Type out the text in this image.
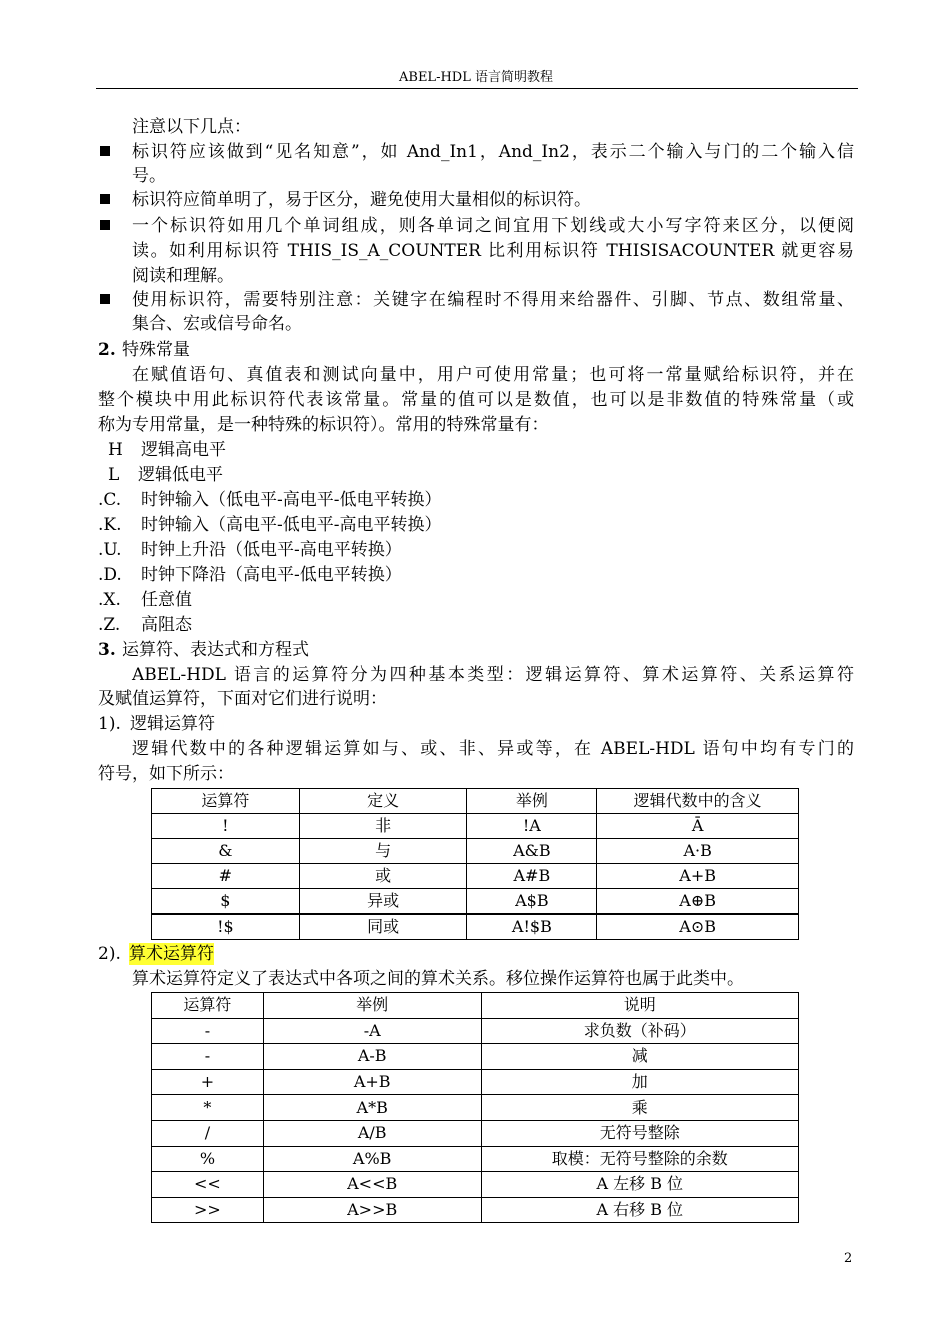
ABEL-HDL 语言简明教程
注意以下几点：
标识符应该做到“见名知意”，如 And_In1，And_In2，表示二个输入与门的二个输入信
号。
标识符应简单明了，易于区分，避免使用大量相似的标识符。
一个标识符如用几个单词组成，则各单词之间宜用下划线或大小写字符来区分，以便阅
读。如利用标识符 THIS_IS_A_COUNTER 比利用标识符 THISISACOUNTER 就更容易
阅读和理解。
使用标识符，需要特别注意：关键字在编程时不得用来给器件、引脚、节点、数组常量、
集合、宏或信号命名。
2. 特殊常量
在赋值语句、真值表和测试向量中，用户可使用常量；也可将一常量赋给标识符，并在
整个模块中用此标识符代表该常量。常量的值可以是数值，也可以是非数值的特殊常量（或
称为专用常量，是一种特殊的标识符）。常用的特殊常量有：
H 逻辑高电平
L 逻辑低电平
.C. 时钟输入（低电平-高电平-低电平转换）
.K. 时钟输入（高电平-低电平-高电平转换）
.U. 时钟上升沿（低电平-高电平转换）
.D. 时钟下降沿（高电平-低电平转换）
.X. 任意值
.Z. 高阻态
3. 运算符、表达式和方程式
ABEL-HDL 语言的运算符分为四种基本类型：逻辑运算符、算术运算符、关系运算符
及赋值运算符，下面对它们进行说明：
1). 逻辑运算符
逻辑代数中的各种逻辑运算如与、或、非、异或等，在 ABEL-HDL 语句中均有专门的
符号，如下所示：
运算符	定义	举例	逻辑代数中的含义
!	非	!A	Ā
&	与	A&B	A·B
#	或	A#B	A+B
$	异或	A$B	A⊕B
!$	同或	A!$B	A⊙B
2). 算术运算符
算术运算符定义了表达式中各项之间的算术关系。移位操作运算符也属于此类中。
运算符	举例	说明
-	-A	求负数（补码）
-	A-B	减
+	A+B	加
*	A*B	乘
/	A/B	无符号整除
%	A%B	取模：无符号整除的余数
<<	A<<B	A 左移 B 位
>>	A>>B	A 右移 B 位
2
